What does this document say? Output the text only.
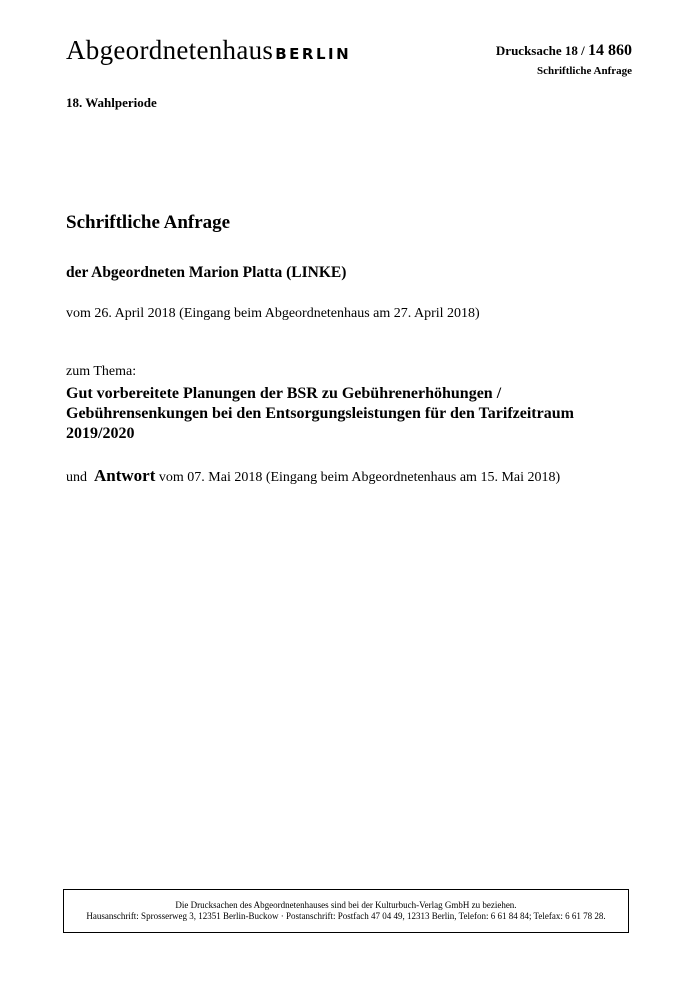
Abgeordnetenhaus BERLIN	Drucksache 18 / 14 860
Schriftliche Anfrage
18. Wahlperiode
Schriftliche Anfrage
der Abgeordneten Marion Platta (LINKE)
vom 26. April 2018 (Eingang beim Abgeordnetenhaus am 27. April 2018)
zum Thema:
Gut vorbereitete Planungen der BSR zu Gebührenerhöhungen / Gebührensenkungen bei den Entsorgungsleistungen für den Tarifzeitraum 2019/2020
und Antwort vom 07. Mai 2018 (Eingang beim Abgeordnetenhaus am 15. Mai 2018)
Die Drucksachen des Abgeordnetenhauses sind bei der Kulturbuch-Verlag GmbH zu beziehen.
Hausanschrift: Sprosserweg 3, 12351 Berlin-Buckow · Postanschrift: Postfach 47 04 49, 12313 Berlin, Telefon: 6 61 84 84; Telefax: 6 61 78 28.
